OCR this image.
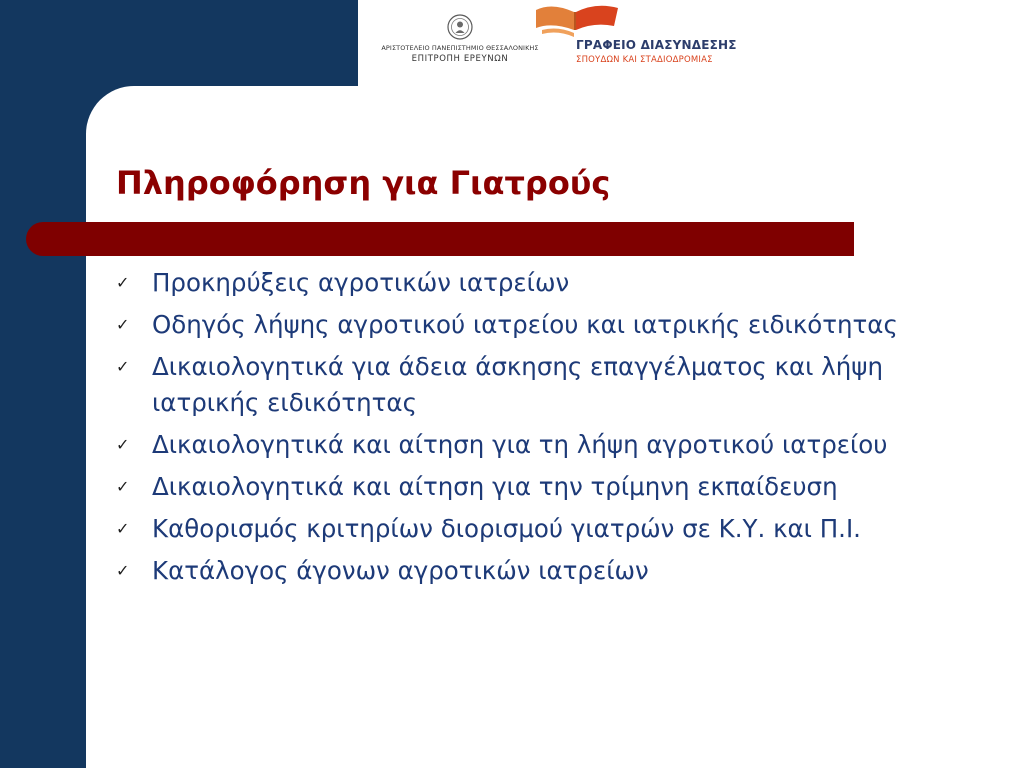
ΑΡΙΣΤΟΤΕΛΕΙΟ ΠΑΝΕΠΙΣΤΗΜΙΟ ΘΕΣΣΑΛΟΝΙΚΗΣ
ΕΠΙΤΡΟΠΗ ΕΡΕΥΝΩΝ
ΓΡΑΦΕΙΟ ΔΙΑΣΥΝΔΕΣΗΣ
ΣΠΟΥΔΩΝ ΚΑΙ ΣΤΑΔΙΟΔΡΟΜΙΑΣ
Πληροφόρηση για Γιατρούς
✓ Προκηρύξεις αγροτικών ιατρείων
✓ Οδηγός λήψης αγροτικού ιατρείου και ιατρικής ειδικότητας
✓ Δικαιολογητικά για άδεια άσκησης επαγγέλματος και λήψη ιατρικής ειδικότητας
✓ Δικαιολογητικά και αίτηση για τη λήψη αγροτικού ιατρείου
✓ Δικαιολογητικά και αίτηση για την τρίμηνη εκπαίδευση
✓ Καθορισμός κριτηρίων διορισμού γιατρών σε Κ.Υ. και Π.Ι.
✓ Κατάλογος άγονων αγροτικών ιατρείων
